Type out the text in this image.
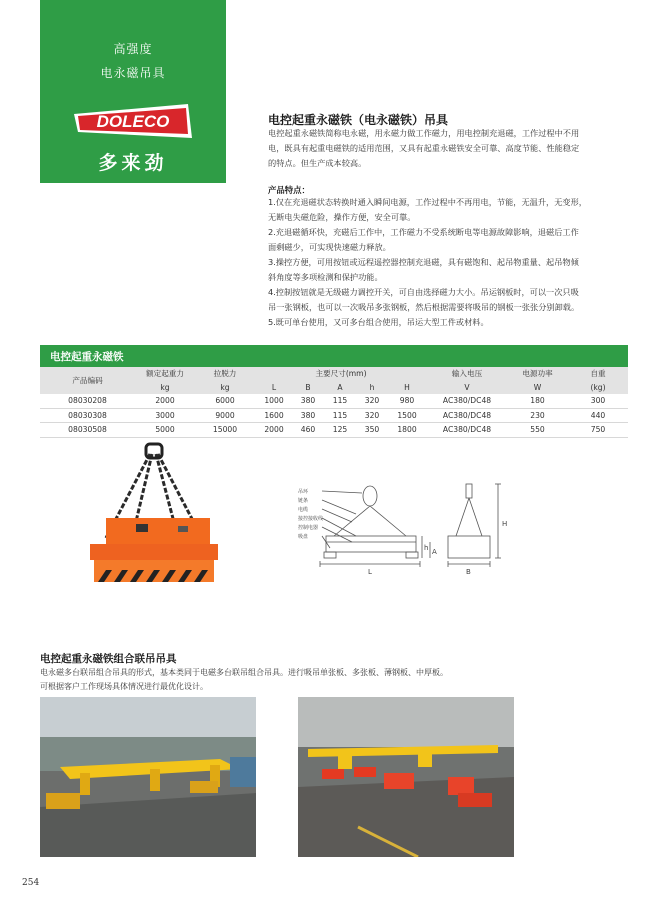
高强度
电永磁吊具
DOLECO
多来劲
电控起重永磁铁（电永磁铁）吊具
电控起重永磁铁简称电永磁，用永磁力做工作磁力，用电控制充退磁，工作过程中不用
电，既具有起重电磁铁的适用范围，又具有起重永磁铁安全可靠、高度节能、性能稳定
的特点。但生产成本较高。
产品特点：
1.仅在充退磁状态转换时通入瞬间电源，工作过程中不再用电，节能，无温升，无变形，
无断电失磁危险，操作方便，安全可靠。
2.充退磁循环快，充磁后工作中，工作磁力不受系统断电等电源故障影响，退磁后工作
面剩磁少，可实现快速磁力释放。
3.操控方便，可用按钮或远程遥控器控制充退磁，具有磁饱和、起吊物重量、起吊物倾
斜角度等多项检测和保护功能。
4.控制按钮就是无级磁力调控开关，可自由选择磁力大小。吊运钢板时，可以一次只吸
吊一张钢板，也可以一次吸吊多张钢板，然后根据需要将吸吊的钢板一张张分别卸载。
5.既可单台使用，又可多台组合使用，吊运大型工件或材料。
电控起重永磁铁
产品编码	额定起重力	拉脱力	主要尺寸(mm)					输入电压	电源功率	自重
	kg	kg	L	B	A	h	H	V	W	(kg)
08030208	2000	6000	1000	380	115	320	980	AC380/DC48	180	300
08030308	3000	9000	1600	380	115	320	1500	AC380/DC48	230	440
08030508	5000	15000	2000	460	125	350	1800	AC380/DC48	550	750
吊环
链条
电缆
接控接收线
控制电器
吸盘
H
h A
L	B
电控起重永磁铁组合联吊吊具
电永磁多台联吊组合吊具的形式，基本类同于电磁多台联吊组合吊具。进行吸吊单张板、多张板、薄钢板、中厚板。
可根据客户工作现场具体情况进行最优化设计。
254
